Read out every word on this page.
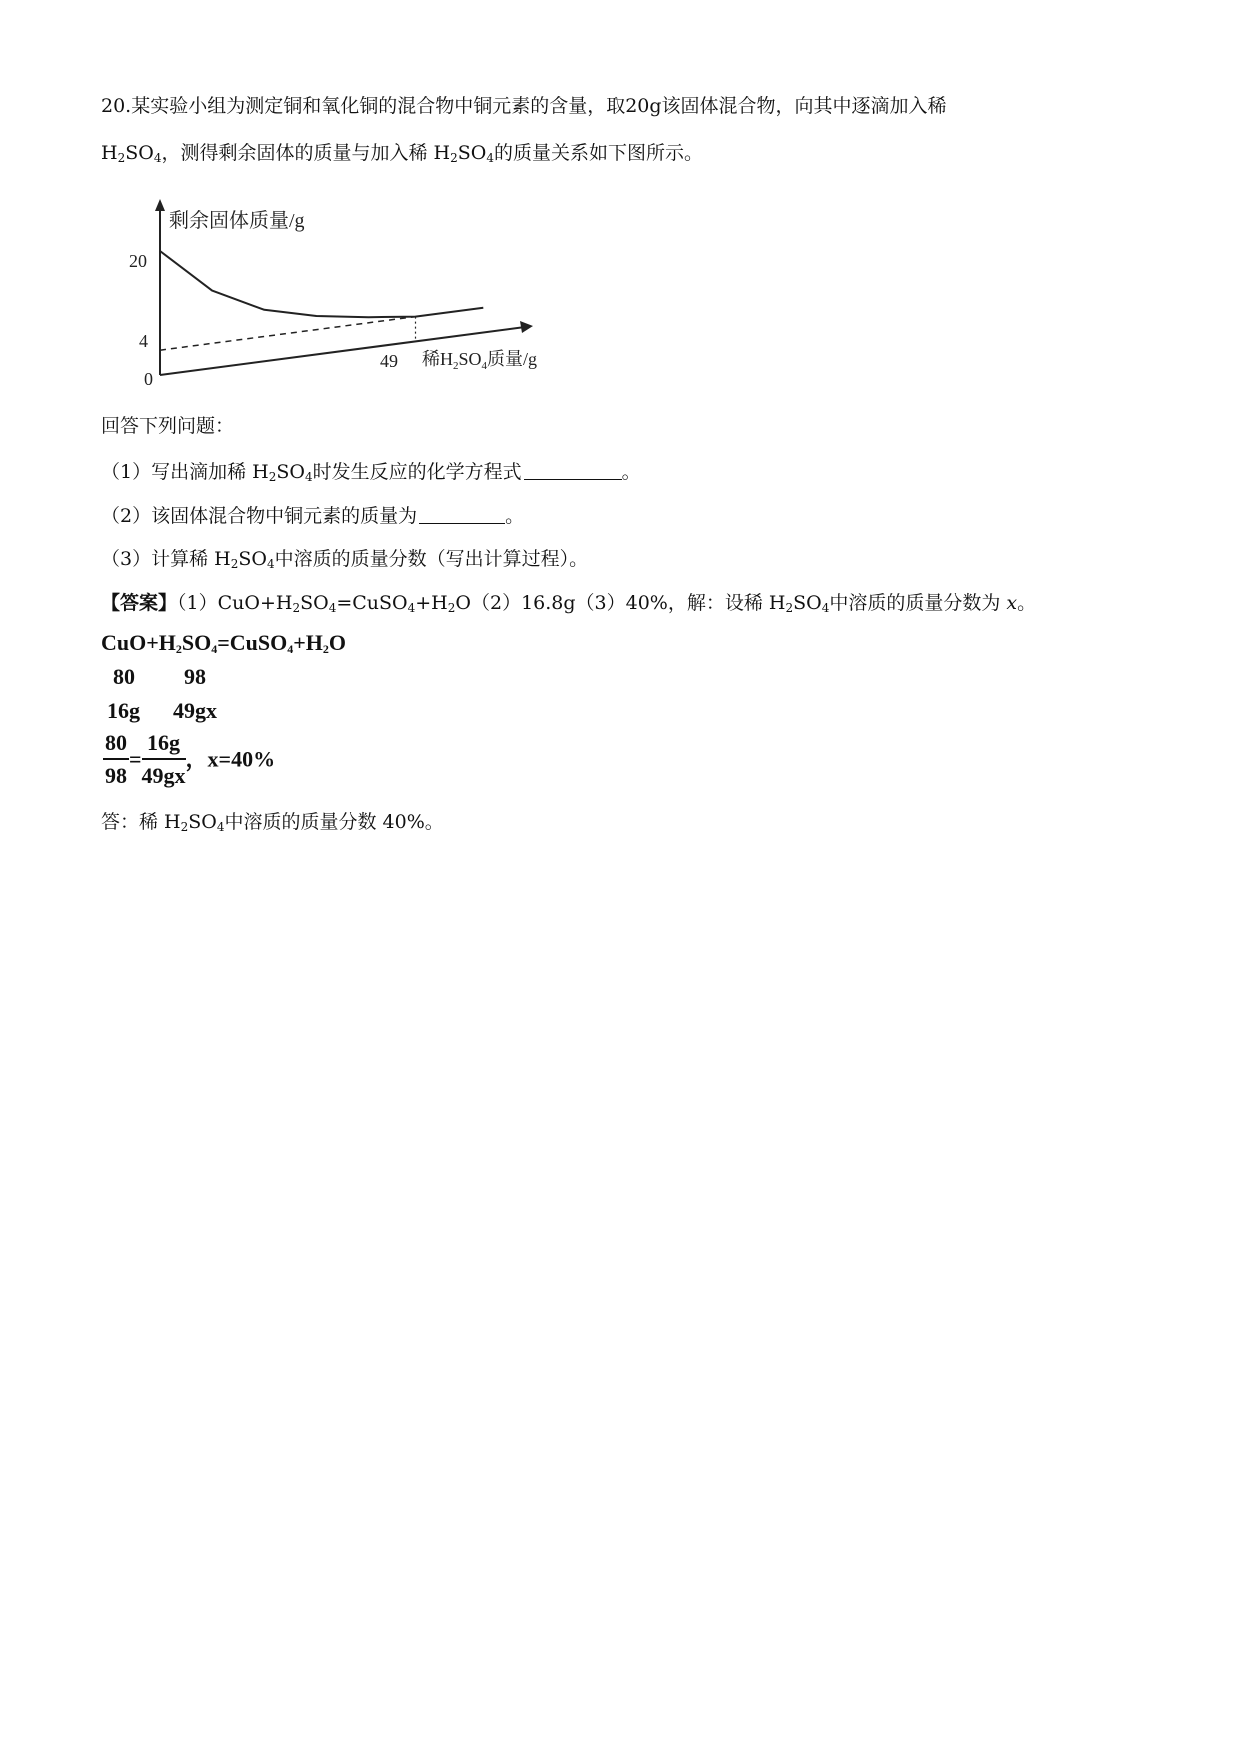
20.某实验小组为测定铜和氧化铜的混合物中铜元素的含量，取20g该固体混合物，向其中逐滴加入稀
$H_2SO_4$，测得剩余固体的质量与加入稀 $H_2SO_4$的质量关系如下图所示。
剩余固体质量/g
20
4
0
49 稀$H_2SO_4$质量/g
回答下列问题：
（1）写出滴加稀 $H_2SO_4$时发生反应的化学方程式	。
（2）该固体混合物中铜元素的质量为	。
（3）计算稀 $H_2SO_4$中溶质的质量分数（写出计算过程）。
【答案】$(1)CuO+H_2SO_4=CuSO_4+H_2O(2)16.8g(3)40\%$，解：设稀 $H_2SO_4$中溶质的质量分数为 x。
$CuO+H_2SO_4=CuSO_4+H_2O$
80 98
16g 49gx
$\frac{80}{98} = \frac{16g}{49gx}$ ，x=40%
答：稀 $H_2SO_4$中溶质的质量分数 40%。
